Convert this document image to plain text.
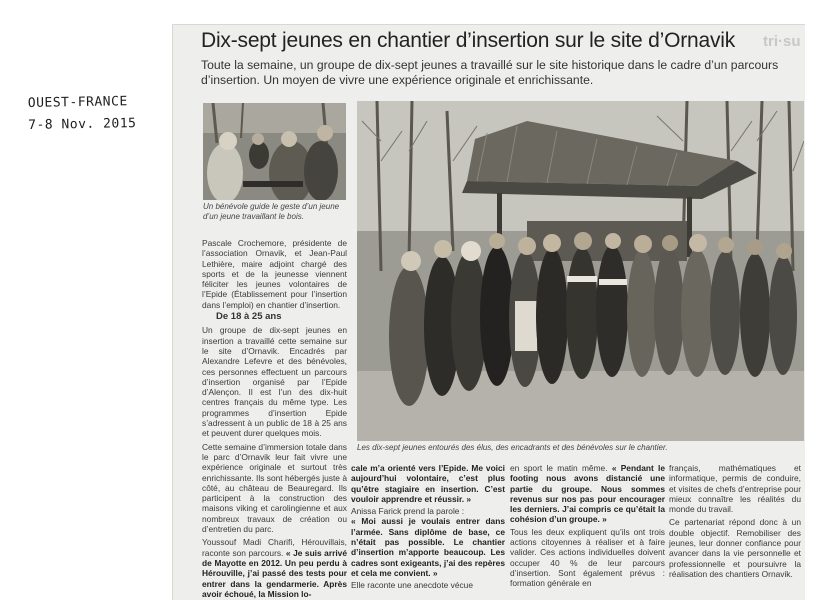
OUEST-FRANCE
7-8 Nov. 2015
tri·su
Dix-sept jeunes en chantier d’insertion sur le site d’Ornavik
Toute la semaine, un groupe de dix-sept jeunes a travaillé sur le site historique dans le cadre d’un parcours d’insertion. Un moyen de vivre une expérience originale et enrichissante.
Un bénévole guide le geste d’un jeune d’un jeune travaillant le bois.
Les dix-sept jeunes entourés des élus, des encadrants et des bénévoles sur le chantier.

Pascale Crochemore, présidente de l’association Ornavik, et Jean-Paul Lethière, maire adjoint chargé des sports et de la jeunesse viennent féliciter les jeunes volontaires de l’Epide (Établissement pour l’insertion dans l’emploi) en chantier d’insertion.

De 18 à 25 ans

Un groupe de dix-sept jeunes en insertion a travaillé cette semaine sur le site d’Ornavik. Encadrés par Alexandre Lefevre et des bénévoles, ces personnes effectuent un parcours d’insertion organisé par l’Epide d’Alençon. Il est l’un des dix-huit centres français du même type. Les programmes d’insertion Epide s’adressent à un public de 18 à 25 ans et peuvent durer quelques mois.

Cette semaine d’immersion totale dans le parc d’Ornavik leur fait vivre une expérience originale et surtout très enrichissante. Ils sont hébergés juste à côté, au château de Beauregard. Ils participent à la construction des maisons viking et carolingienne et aux nombreux travaux de création ou d’entretien du parc.

Youssouf Madi Charifi, Hérouvillais, raconte son parcours. « Je suis arrivé de Mayotte en 2012. Un peu perdu à Hérouville, j’ai passé des tests pour entrer dans la gendarmerie. Après avoir échoué, la Mission lo-

cale m’a orienté vers l’Epide. Me voici aujourd’hui volontaire, c’est plus qu’être stagiaire en insertion. C’est vouloir apprendre et réussir. »

Anissa Farick prend la parole :

« Moi aussi je voulais entrer dans l’armée. Sans diplôme de base, ce n’était pas possible. Le chantier d’insertion m’apporte beaucoup. Les cadres sont exigeants, j’ai des repères et cela me convient. »

Elle raconte une anecdote vécue

en sport le matin même. « Pendant le footing nous avons distancié une partie du groupe. Nous sommes revenus sur nos pas pour encourager les derniers. J’ai compris ce qu’était la cohésion d’un groupe. »

Tous les deux expliquent qu’ils ont trois actions citoyennes à réaliser et à faire valider. Ces actions individuelles doivent occuper 40 % de leur parcours d’insertion. Sont également prévus : formation générale en

français, mathématiques et informatique, permis de conduire, et visites de chefs d’entreprise pour mieux connaître les réalités du monde du travail.

Ce partenariat répond donc à un double objectif. Remobiliser des jeunes, leur donner confiance pour avancer dans la vie personnelle et professionnelle et poursuivre la réalisation des chantiers Ornavik.
